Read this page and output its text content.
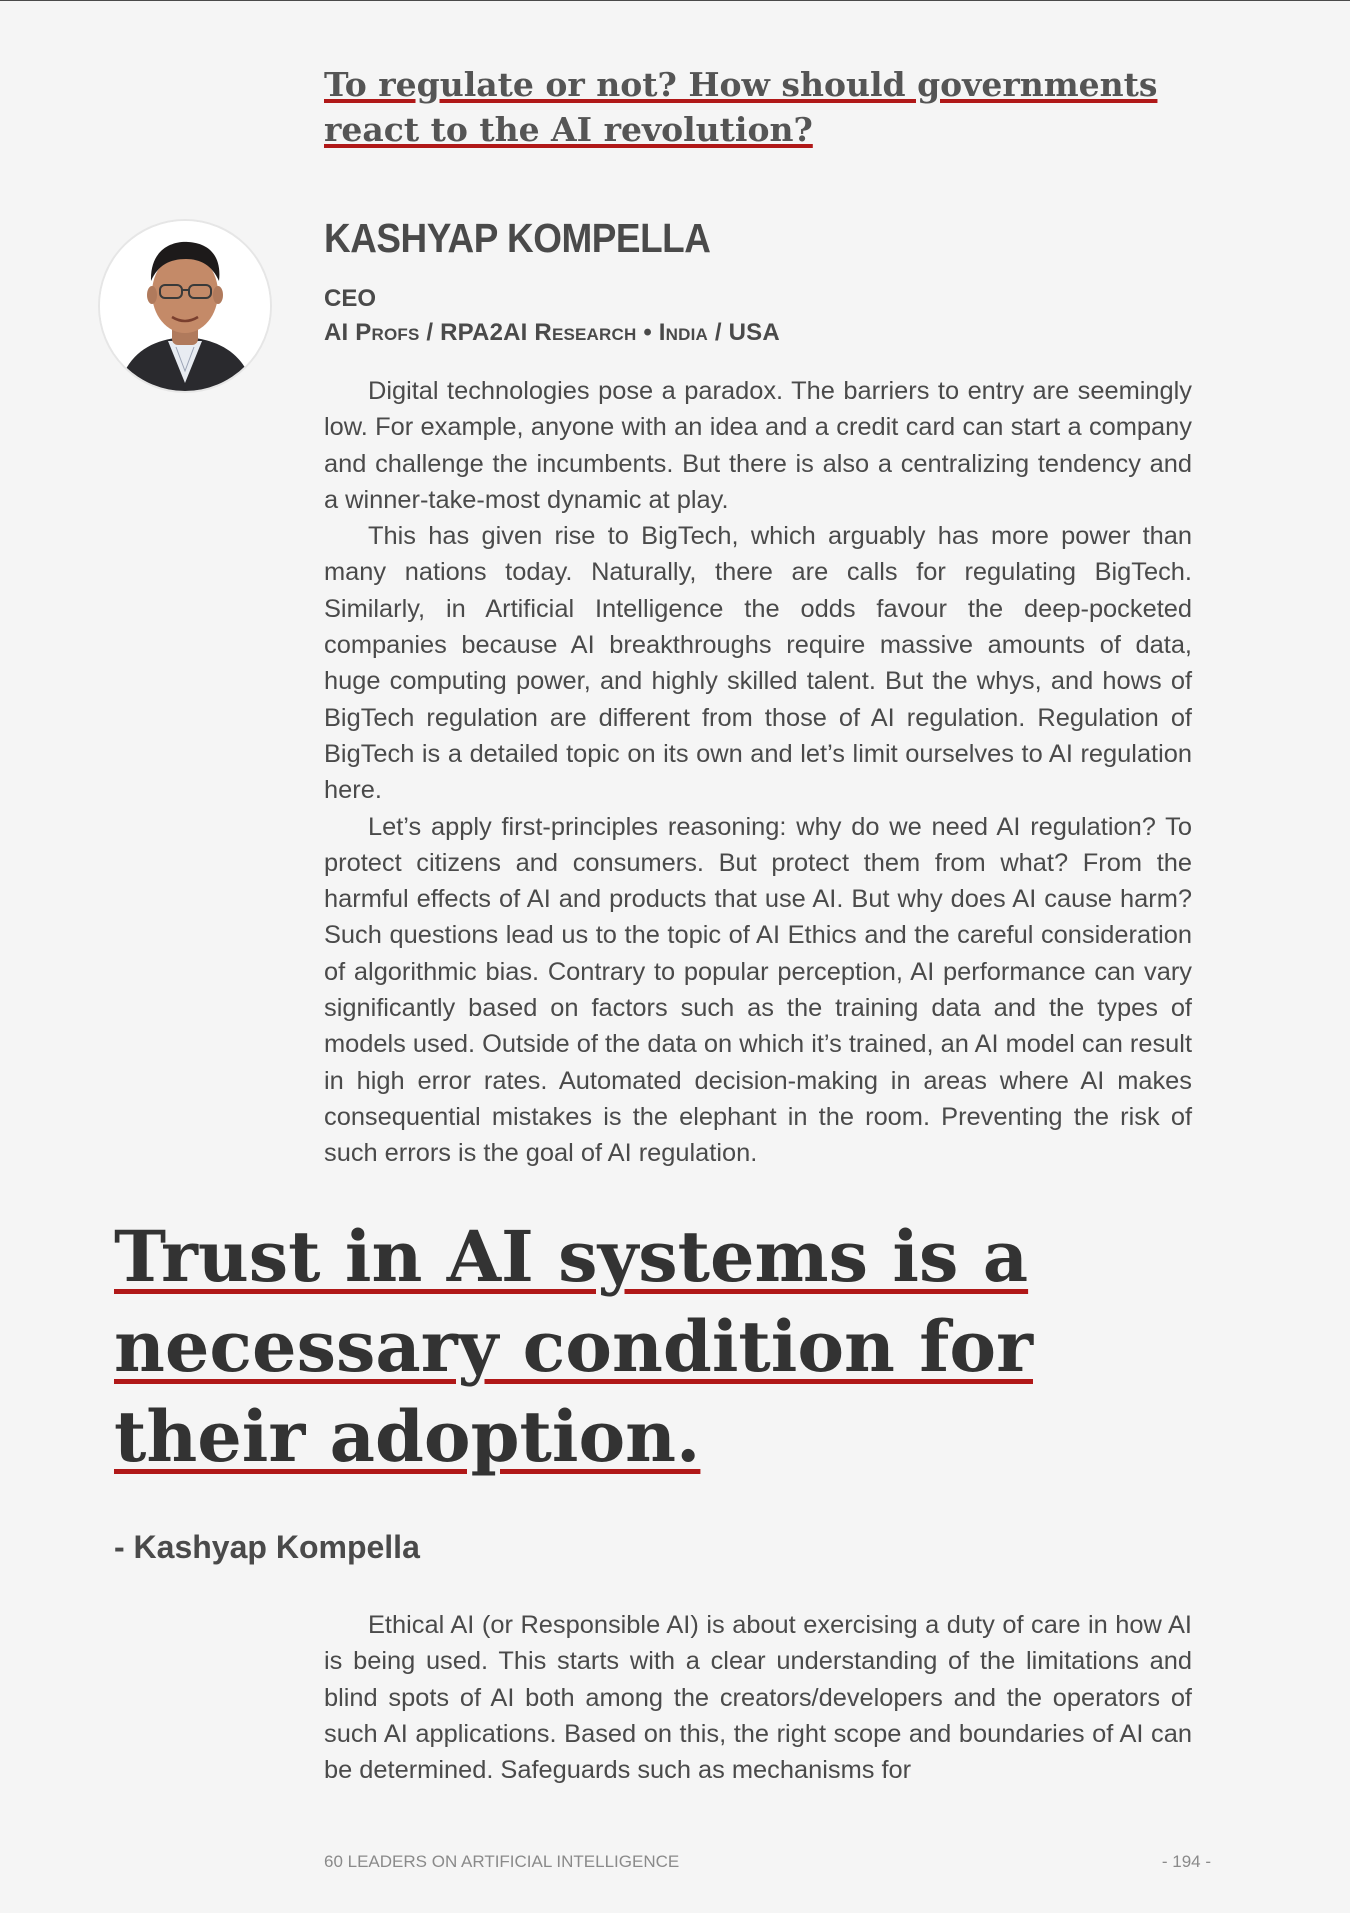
To regulate or not? How should governments react to the AI revolution?
KASHYAP KOMPELLA
CEO
AI Profs / RPA2AI Research • India / USA

Digital technologies pose a paradox. The barriers to entry are seemingly low. For example, anyone with an idea and a credit card can start a company and challenge the incumbents. But there is also a centralizing tendency and a winner-take-most dynamic at play.

This has given rise to BigTech, which arguably has more power than many nations today. Naturally, there are calls for regulating BigTech. Similarly, in Artificial Intelligence the odds favour the deep-pocketed companies because AI breakthroughs require massive amounts of data, huge computing power, and highly skilled talent. But the whys, and hows of BigTech regulation are different from those of AI regulation. Regulation of BigTech is a detailed topic on its own and let’s limit ourselves to AI regulation here.

Let’s apply first-principles reasoning: why do we need AI regulation? To protect citizens and consumers. But protect them from what? From the harmful effects of AI and products that use AI. But why does AI cause harm? Such questions lead us to the topic of AI Ethics and the careful consideration of algorithmic bias. Contrary to popular perception, AI performance can vary significantly based on factors such as the training data and the types of models used. Outside of the data on which it’s trained, an AI model can result in high error rates. Automated decision-making in areas where AI makes consequential mistakes is the elephant in the room. Preventing the risk of such errors is the goal of AI regulation.

Trust in AI systems is a necessary condition for their adoption.
- Kashyap Kompella

Ethical AI (or Responsible AI) is about exercising a duty of care in how AI is being used. This starts with a clear understanding of the limitations and blind spots of AI both among the creators/developers and the operators of such AI applications. Based on this, the right scope and boundaries of AI can be determined. Safeguards such as mechanisms for

60 LEADERS ON ARTIFICIAL INTELLIGENCE	- 194 -
